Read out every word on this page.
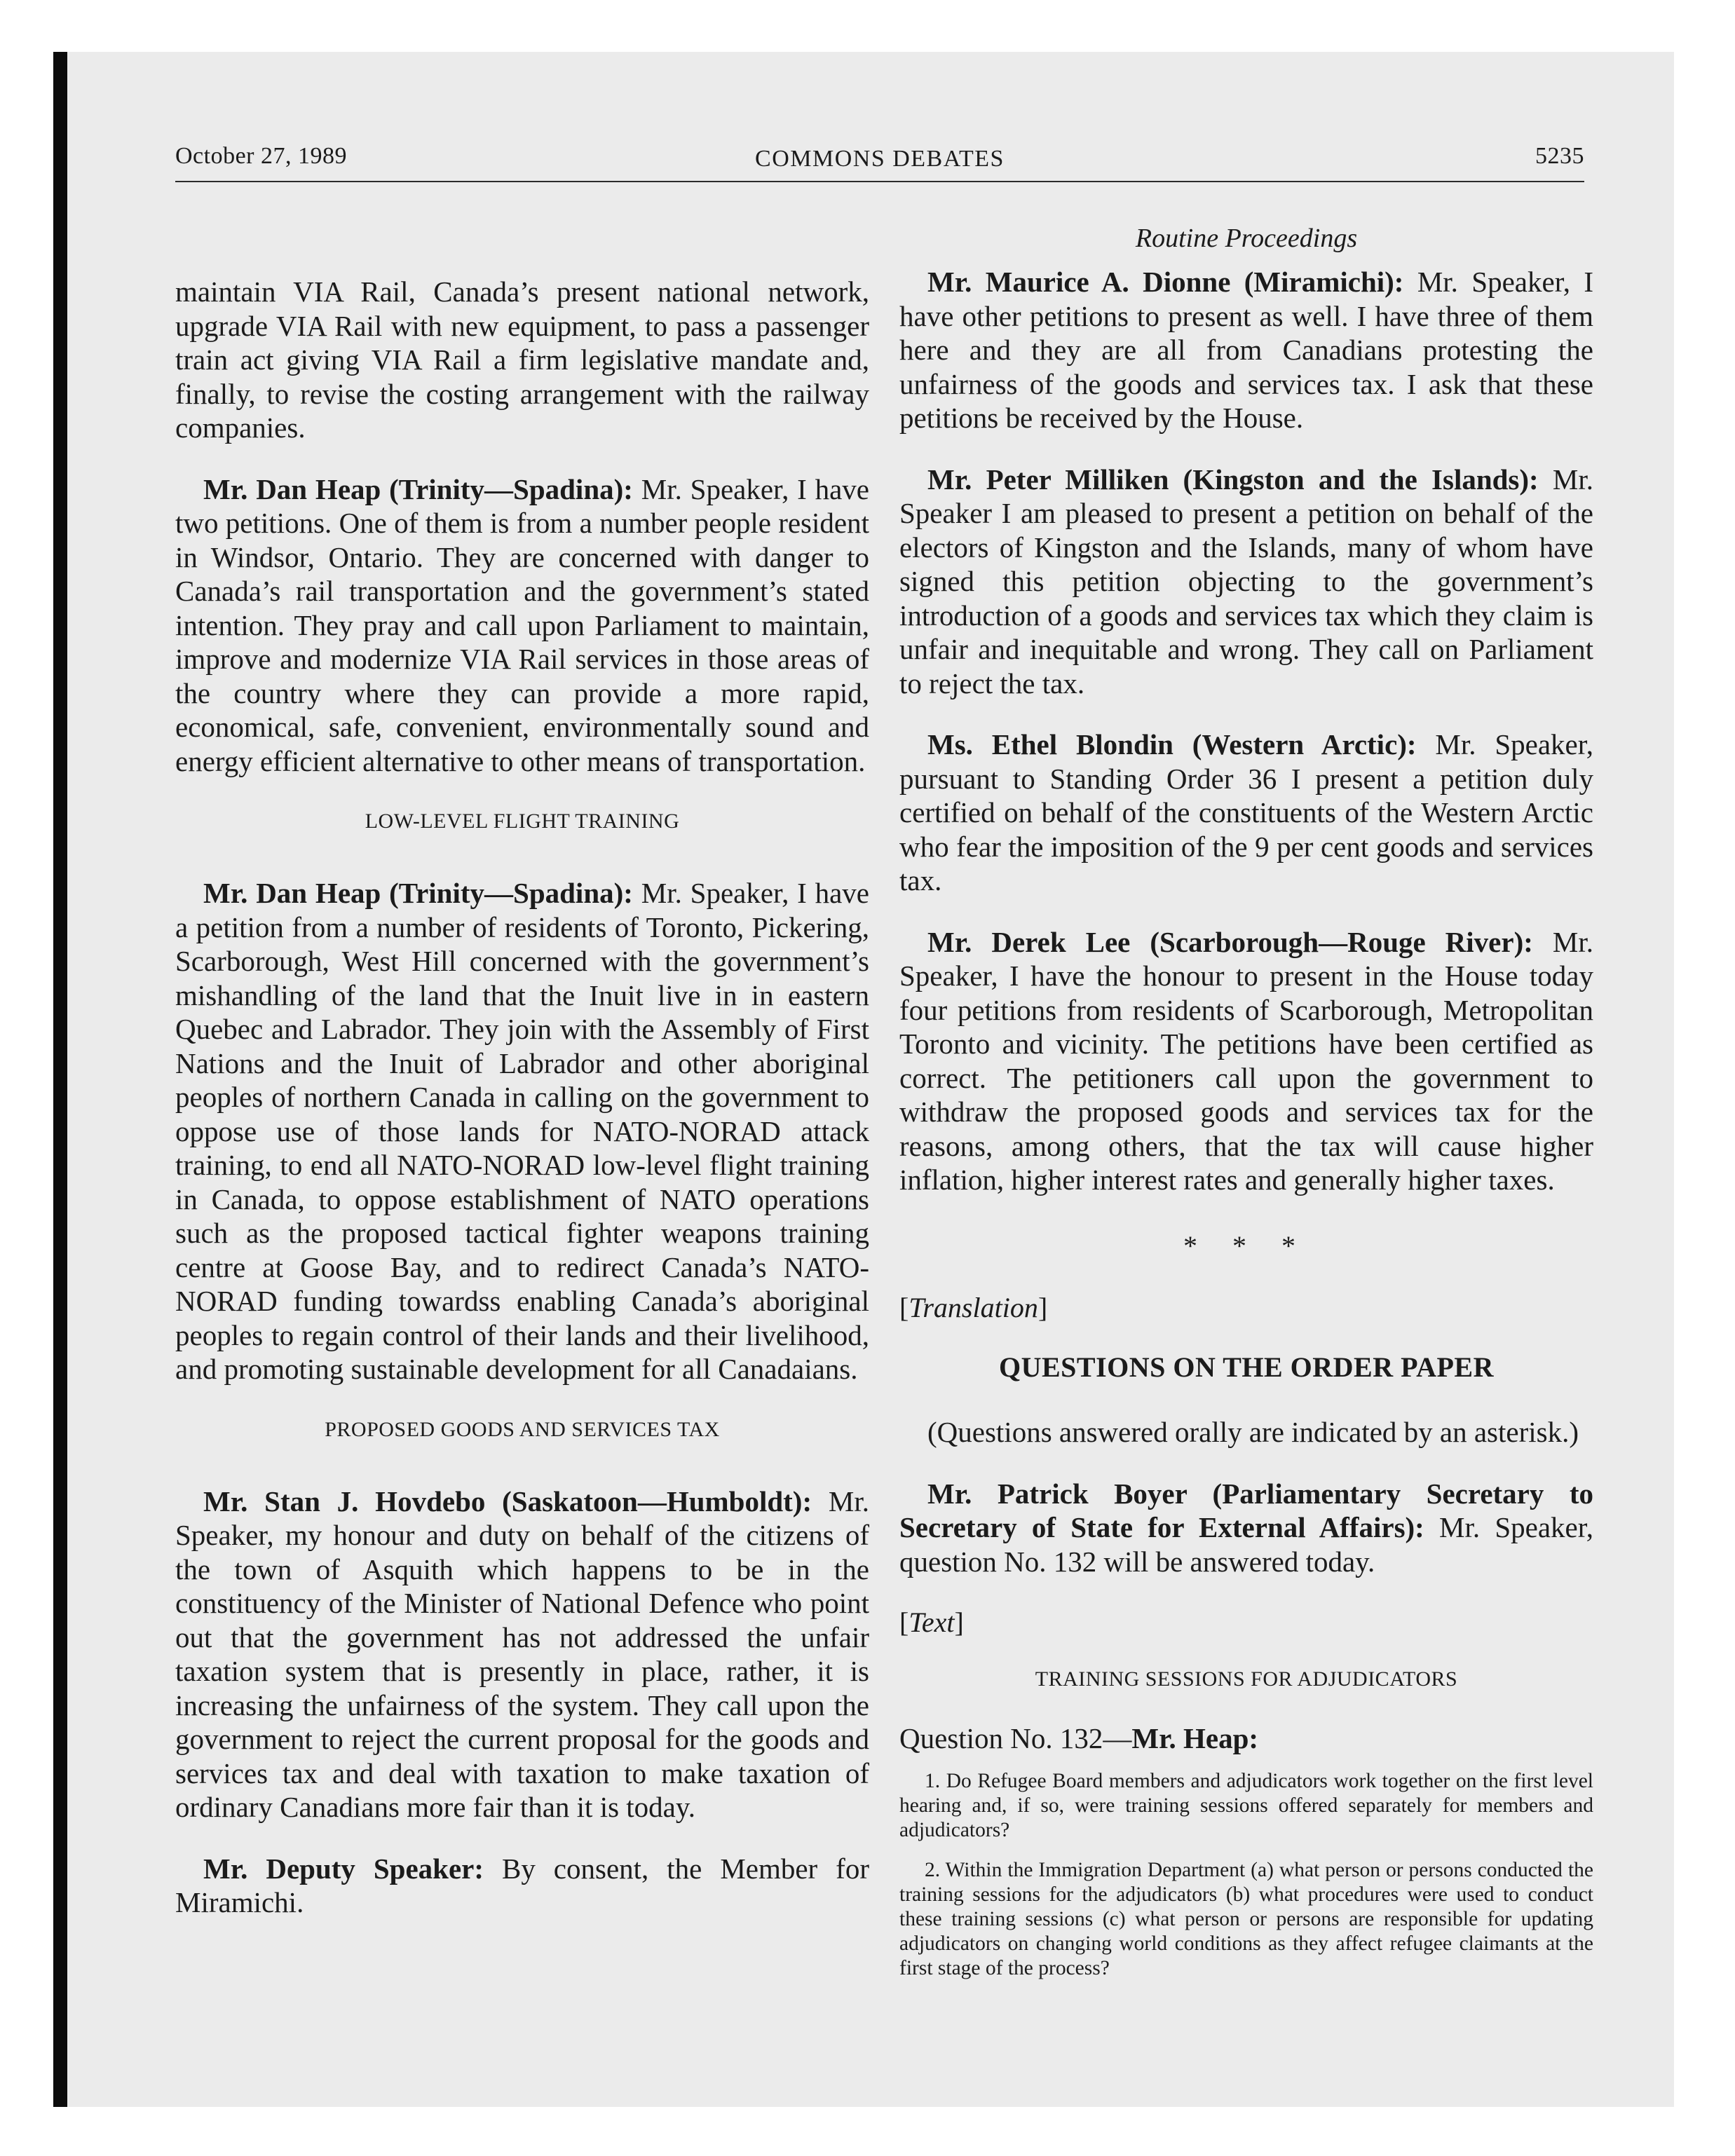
October 27, 1989	COMMONS DEBATES	5235
Routine Proceedings

maintain VIA Rail, Canada’s present national network, upgrade VIA Rail with new equipment, to pass a passenger train act giving VIA Rail a firm legislative mandate and, finally, to revise the costing arrangement with the railway companies.

Mr. Dan Heap (Trinity—Spadina): Mr. Speaker, I have two petitions. One of them is from a number people resident in Windsor, Ontario. They are concerned with danger to Canada’s rail transportation and the government’s stated intention. They pray and call upon Parliament to maintain, improve and modernize VIA Rail services in those areas of the country where they can provide a more rapid, economical, safe, convenient, environmentally sound and energy efficient alternative to other means of transportation.

LOW-LEVEL FLIGHT TRAINING

Mr. Dan Heap (Trinity—Spadina): Mr. Speaker, I have a petition from a number of residents of Toronto, Pickering, Scarborough, West Hill concerned with the government’s mishandling of the land that the Inuit live in in eastern Quebec and Labrador. They join with the Assembly of First Nations and the Inuit of Labrador and other aboriginal peoples of northern Canada in calling on the government to oppose use of those lands for NATO-NORAD attack training, to end all NATO-NORAD low-level flight training in Canada, to oppose establishment of NATO operations such as the proposed tactical fighter weapons training centre at Goose Bay, and to redirect Canada’s NATO-NORAD funding towardss enabling Canada’s aboriginal peoples to regain control of their lands and their livelihood, and promoting sustainable development for all Canadaians.

PROPOSED GOODS AND SERVICES TAX

Mr. Stan J. Hovdebo (Saskatoon—Humboldt): Mr. Speaker, my honour and duty on behalf of the citizens of the town of Asquith which happens to be in the constituency of the Minister of National Defence who point out that the government has not addressed the unfair taxation system that is presently in place, rather, it is increasing the unfairness of the system. They call upon the government to reject the current proposal for the goods and services tax and deal with taxation to make taxation of ordinary Canadians more fair than it is today.

Mr. Deputy Speaker: By consent, the Member for Miramichi.

Mr. Maurice A. Dionne (Miramichi): Mr. Speaker, I have other petitions to present as well. I have three of them here and they are all from Canadians protesting the unfairness of the goods and services tax. I ask that these petitions be received by the House.

Mr. Peter Milliken (Kingston and the Islands): Mr. Speaker I am pleased to present a petition on behalf of the electors of Kingston and the Islands, many of whom have signed this petition objecting to the government’s introduction of a goods and services tax which they claim is unfair and inequitable and wrong. They call on Parliament to reject the tax.

Ms. Ethel Blondin (Western Arctic): Mr. Speaker, pursuant to Standing Order 36 I present a petition duly certified on behalf of the constituents of the Western Arctic who fear the imposition of the 9 per cent goods and services tax.

Mr. Derek Lee (Scarborough—Rouge River): Mr. Speaker, I have the honour to present in the House today four petitions from residents of Scarborough, Metropolitan Toronto and vicinity. The petitions have been certified as correct. The petitioners call upon the government to withdraw the proposed goods and services tax for the reasons, among others, that the tax will cause higher inflation, higher interest rates and generally higher taxes.

* * *
[Translation]
QUESTIONS ON THE ORDER PAPER

(Questions answered orally are indicated by an asterisk.)

Mr. Patrick Boyer (Parliamentary Secretary to Secretary of State for External Affairs): Mr. Speaker, question No. 132 will be answered today.

[Text]
TRAINING SESSIONS FOR ADJUDICATORS
Question No. 132—Mr. Heap:
1. Do Refugee Board members and adjudicators work together on the first level hearing and, if so, were training sessions offered separately for members and adjudicators?
2. Within the Immigration Department (a) what person or persons conducted the training sessions for the adjudicators (b) what procedures were used to conduct these training sessions (c) what person or persons are responsible for updating adjudicators on changing world conditions as they affect refugee claimants at the first stage of the process?
